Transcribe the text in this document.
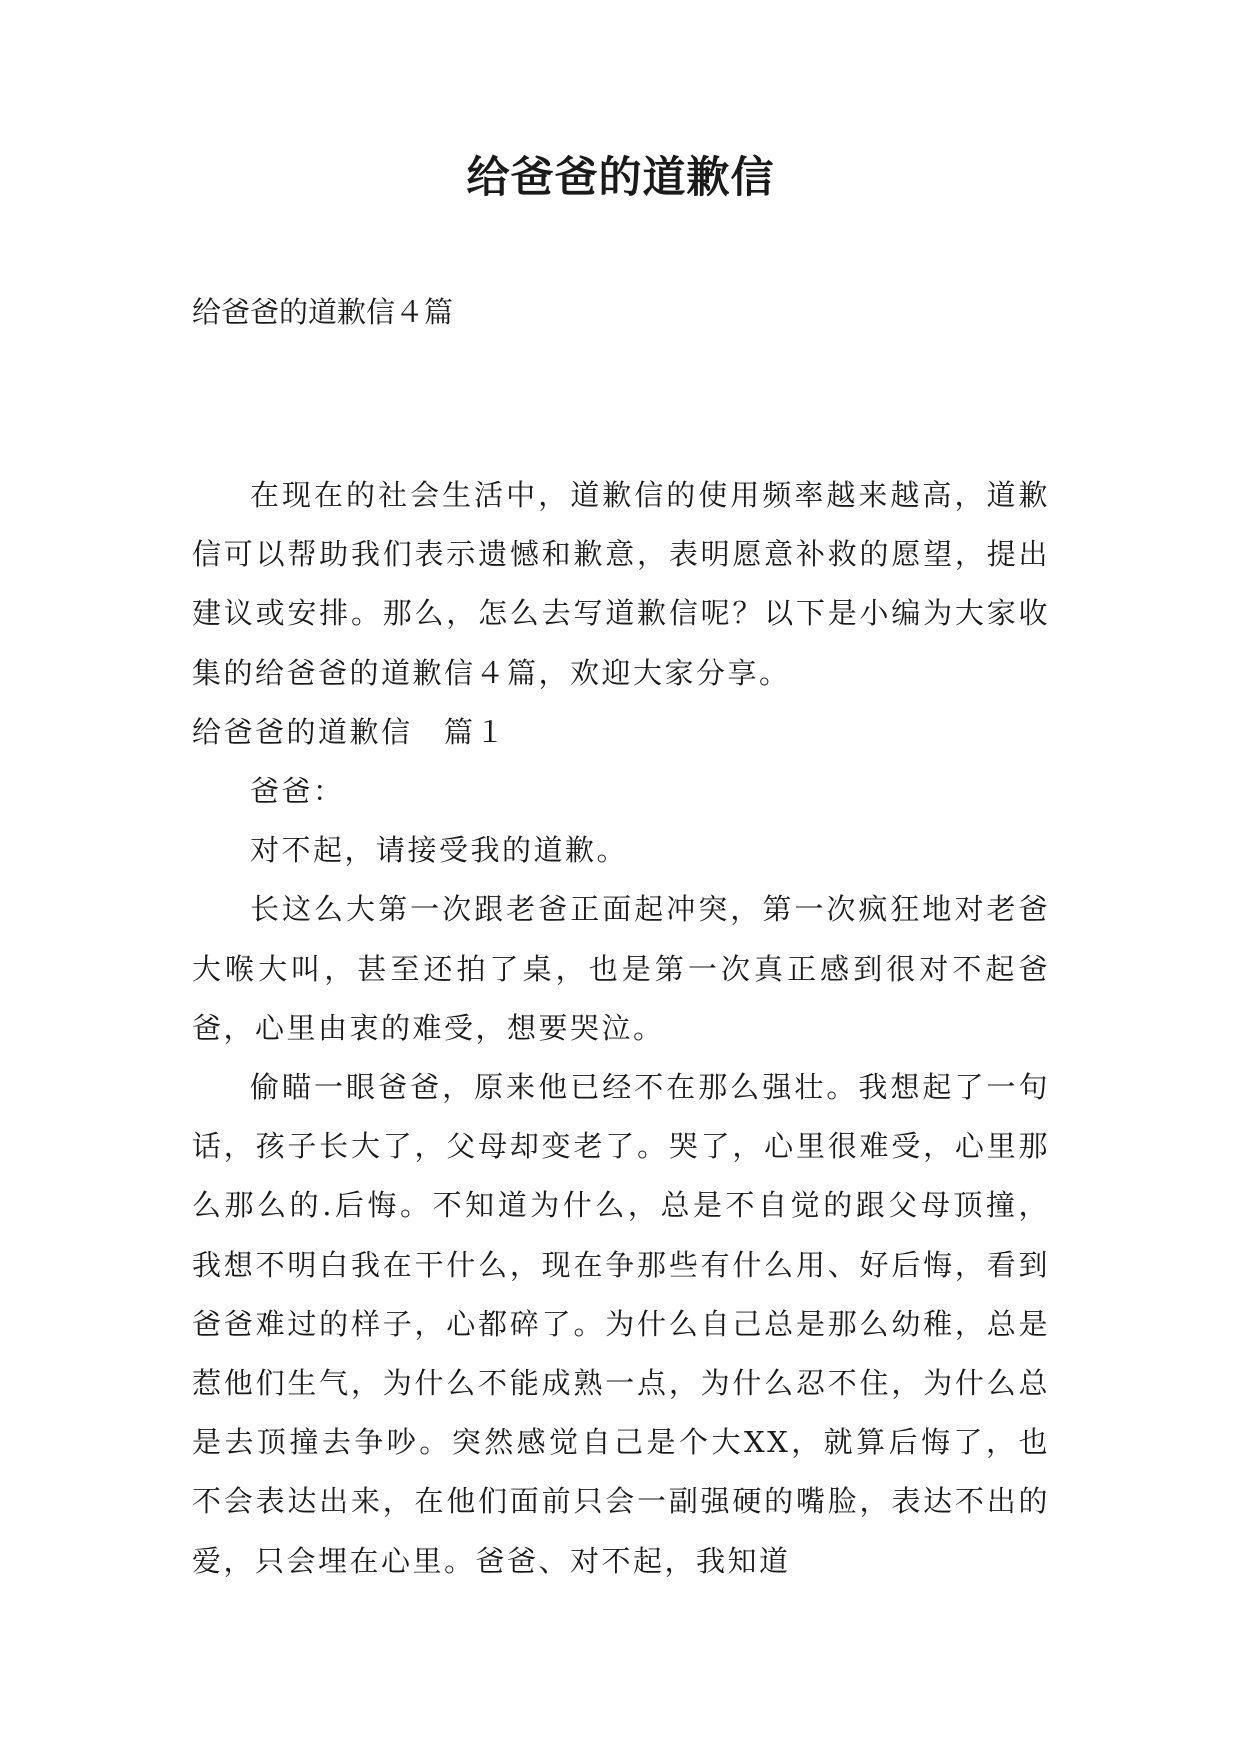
给爸爸的道歉信

给爸爸的道歉信４篇

在现在的社会生活中，道歉信的使用频率越来越高，道歉信可以帮助我们表示遗憾和歉意，表明愿意补救的愿望，提出建议或安排。那么，怎么去写道歉信呢？以下是小编为大家收集的给爸爸的道歉信４篇，欢迎大家分享。

给爸爸的道歉信　篇１

爸爸：

对不起，请接受我的道歉。

长这么大第一次跟老爸正面起冲突，第一次疯狂地对老爸大喉大叫，甚至还拍了桌，也是第一次真正感到很对不起爸爸，心里由衷的难受，想要哭泣。

偷瞄一眼爸爸，原来他已经不在那么强壮。我想起了一句话，孩子长大了，父母却变老了。哭了，心里很难受，心里那么那么的.后悔。不知道为什么，总是不自觉的跟父母顶撞，我想不明白我在干什么，现在争那些有什么用、好后悔，看到爸爸难过的样子，心都碎了。为什么自己总是那么幼稚，总是惹他们生气，为什么不能成熟一点，为什么忍不住，为什么总是去顶撞去争吵。突然感觉自己是个大XX，就算后悔了，也不会表达出来，在他们面前只会一副强硬的嘴脸，表达不出的爱，只会埋在心里。爸爸、对不起，我知道
